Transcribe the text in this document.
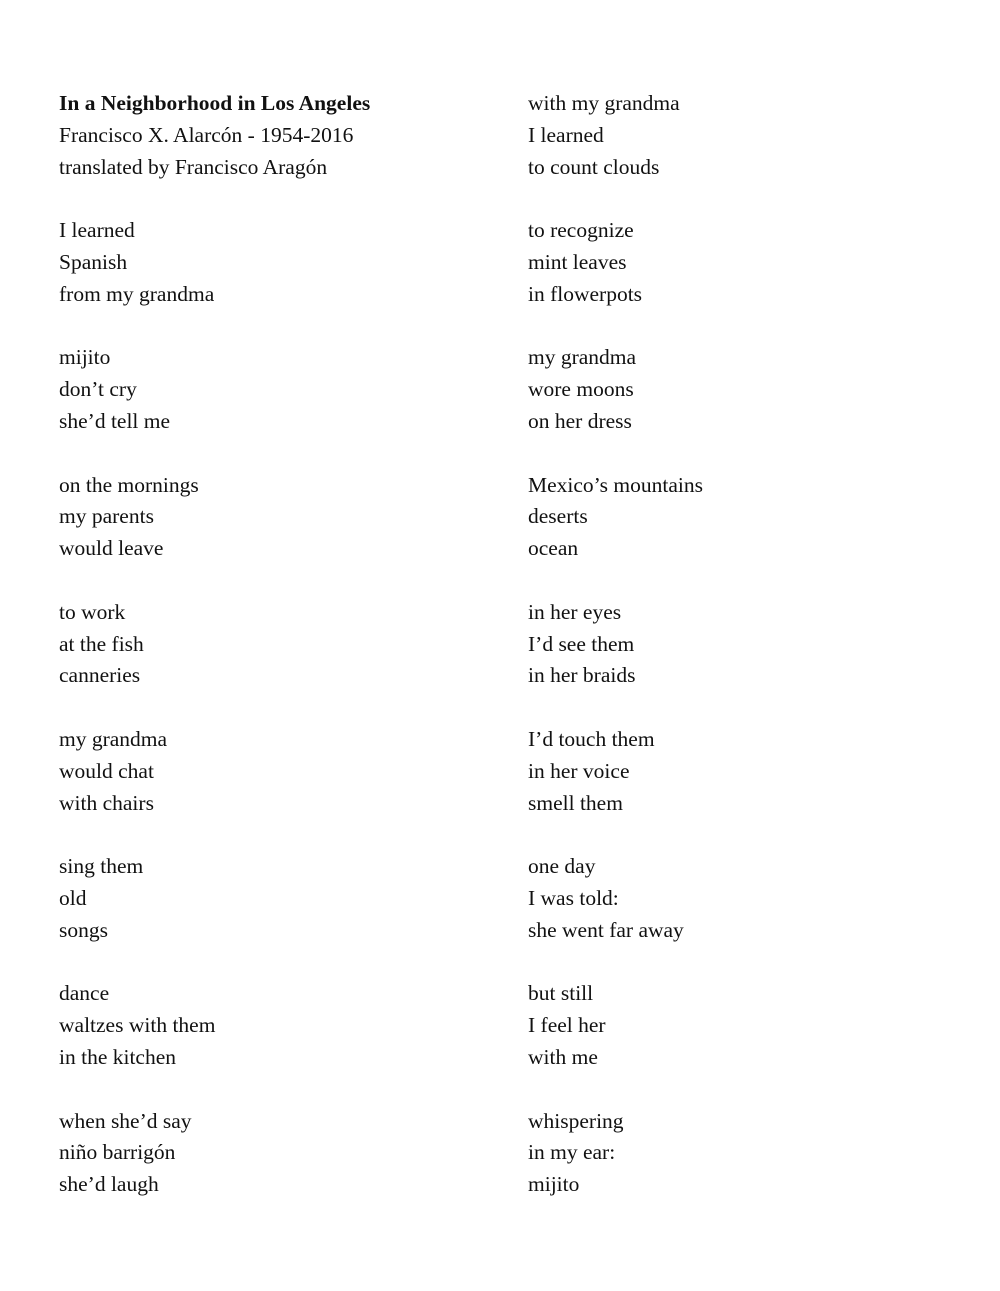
In a Neighborhood in Los Angeles
Francisco X. Alarcón - 1954-2016
translated by Francisco Aragón
I learned
Spanish
from my grandma
mijito
don’t cry
she’d tell me
on the mornings
my parents
would leave
to work
at the fish
canneries
my grandma
would chat
with chairs
sing them
old
songs
dance
waltzes with them
in the kitchen
when she’d say
niño barrigón
she’d laugh
with my grandma
I learned
to count clouds
to recognize
mint leaves
in flowerpots
my grandma
wore moons
on her dress
Mexico’s mountains
deserts
ocean
in her eyes
I’d see them
in her braids
I’d touch them
in her voice
smell them
one day
I was told:
she went far away
but still
I feel her
with me
whispering
in my ear:
mijito
